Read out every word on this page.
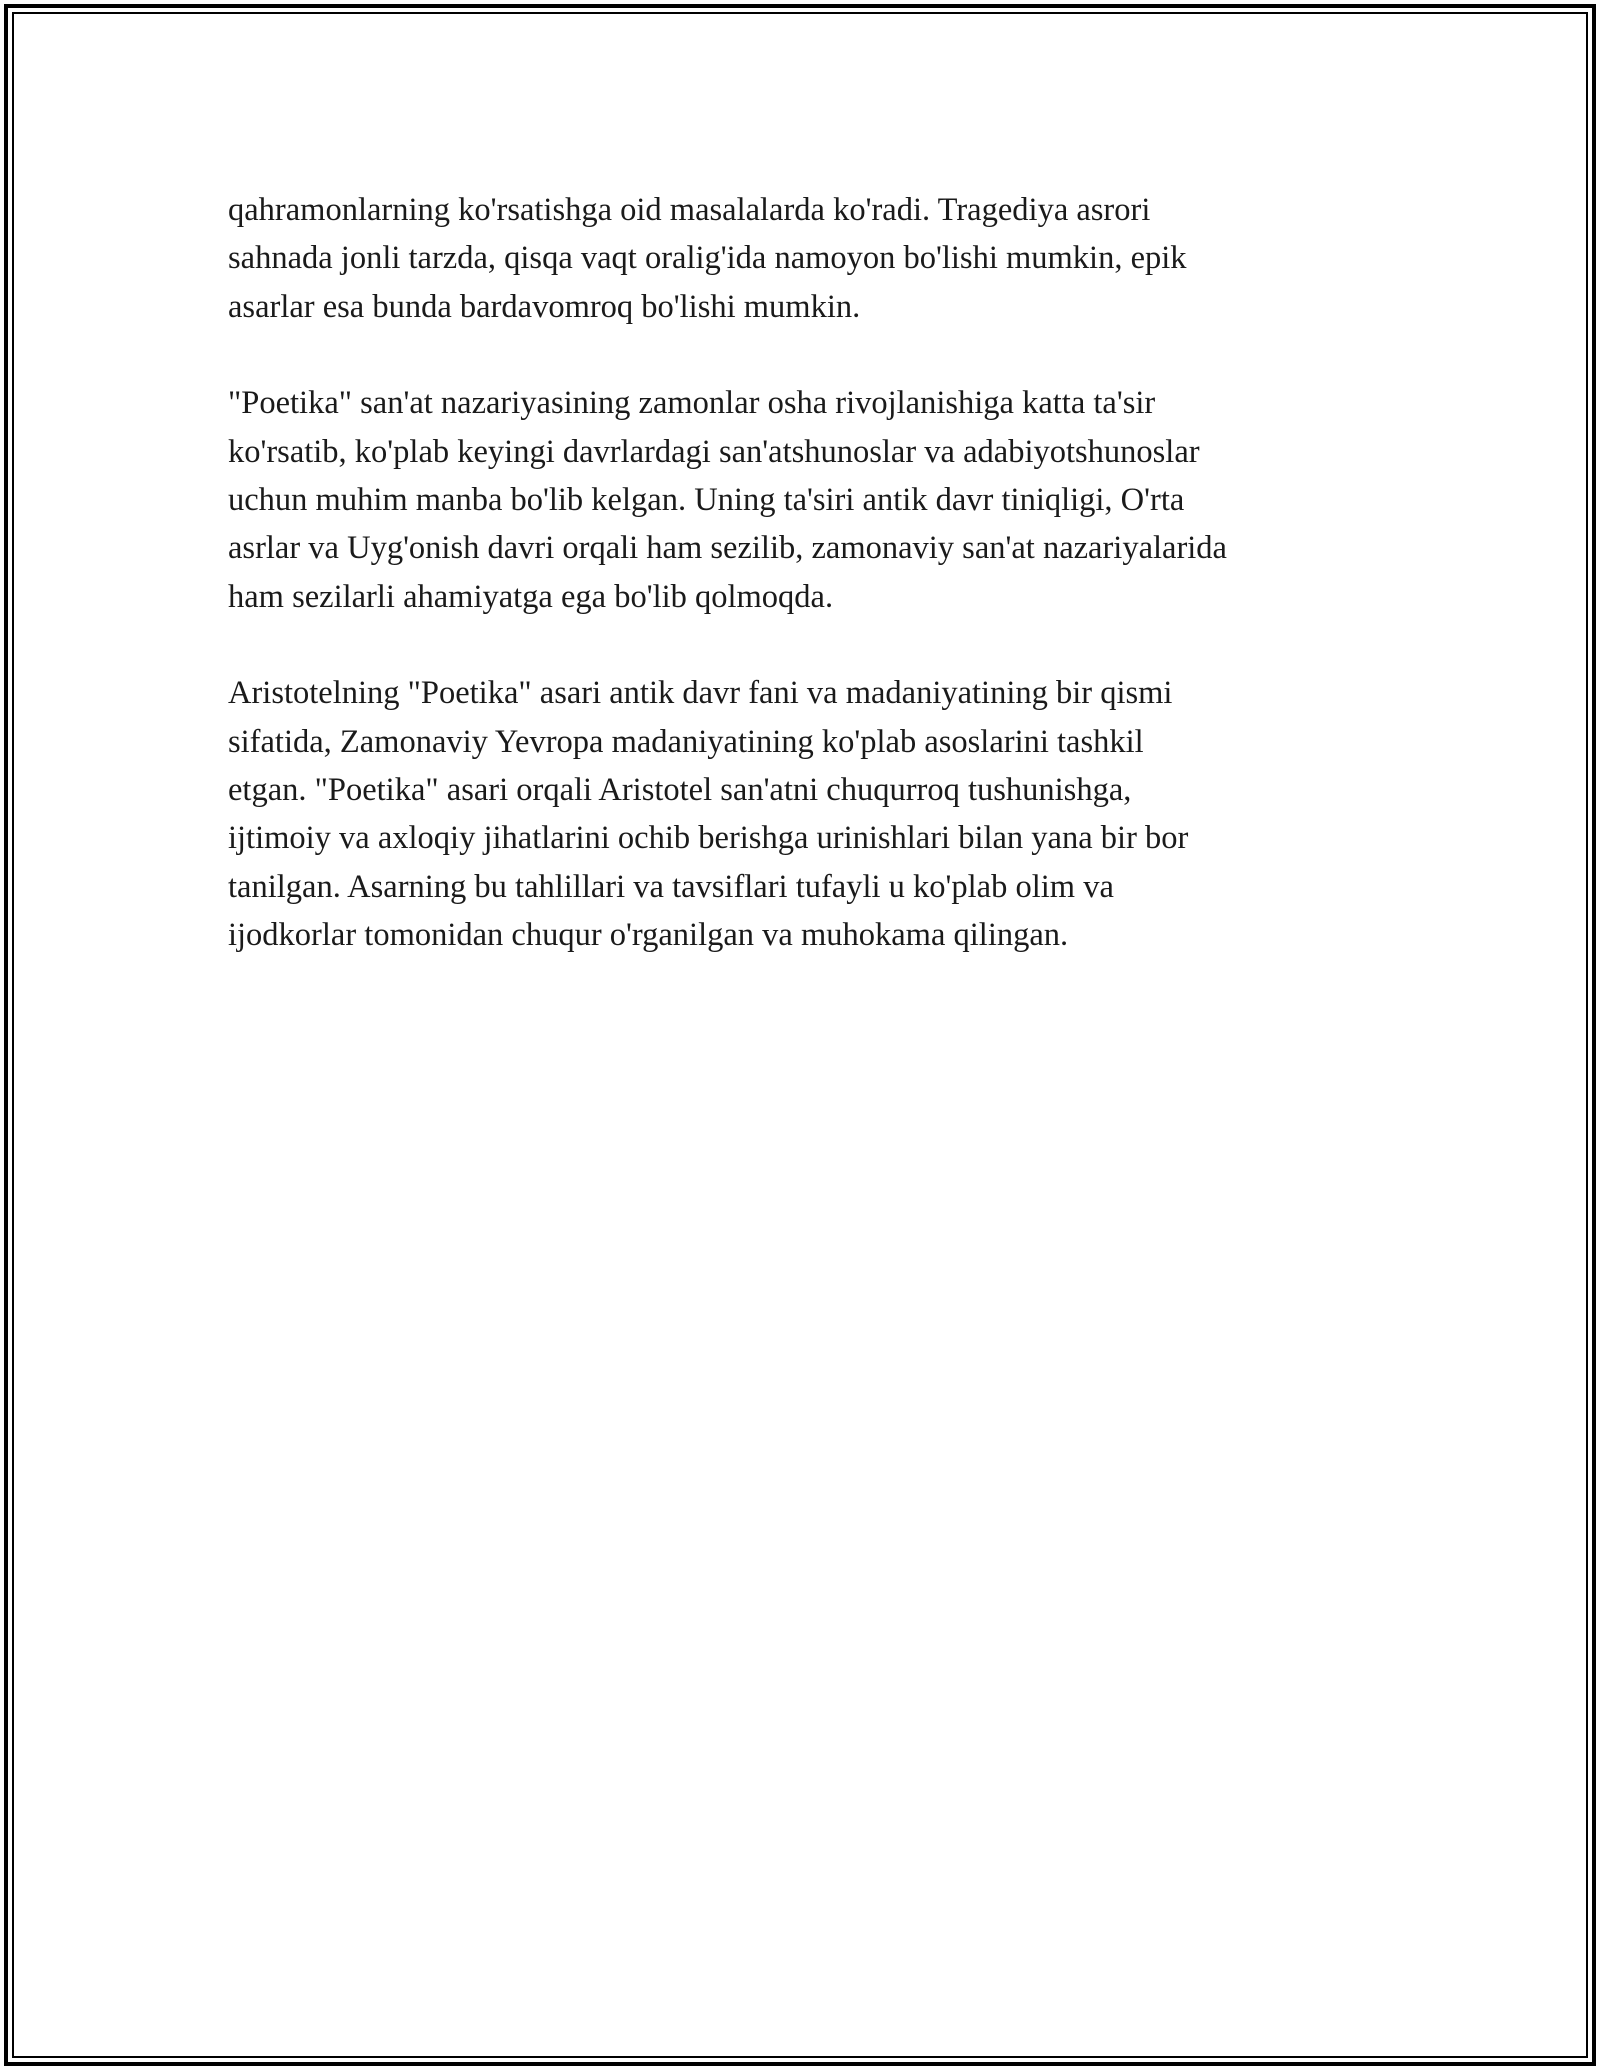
qahramonlarning ko'rsatishga oid masalalarda ko'radi. Tragediya asrori
sahnada jonli tarzda, qisqa vaqt oralig'ida namoyon bo'lishi mumkin, epik
asarlar esa bunda bardavomroq bo'lishi mumkin.

"Poetika" san'at nazariyasining zamonlar osha rivojlanishiga katta ta'sir
ko'rsatib, ko'plab keyingi davrlardagi san'atshunoslar va adabiyotshunoslar
uchun muhim manba bo'lib kelgan. Uning ta'siri antik davr tiniqligi, O'rta
asrlar va Uyg'onish davri orqali ham sezilib, zamonaviy san'at nazariyalarida
ham sezilarli ahamiyatga ega bo'lib qolmoqda.

Aristotelning "Poetika" asari antik davr fani va madaniyatining bir qismi
sifatida, Zamonaviy Yevropa madaniyatining ko'plab asoslarini tashkil
etgan. "Poetika" asari orqali Aristotel san'atni chuqurroq tushunishga,
ijtimoiy va axloqiy jihatlarini ochib berishga urinishlari bilan yana bir bor
tanilgan. Asarning bu tahlillari va tavsiflari tufayli u ko'plab olim va
ijodkorlar tomonidan chuqur o'rganilgan va muhokama qilingan.
